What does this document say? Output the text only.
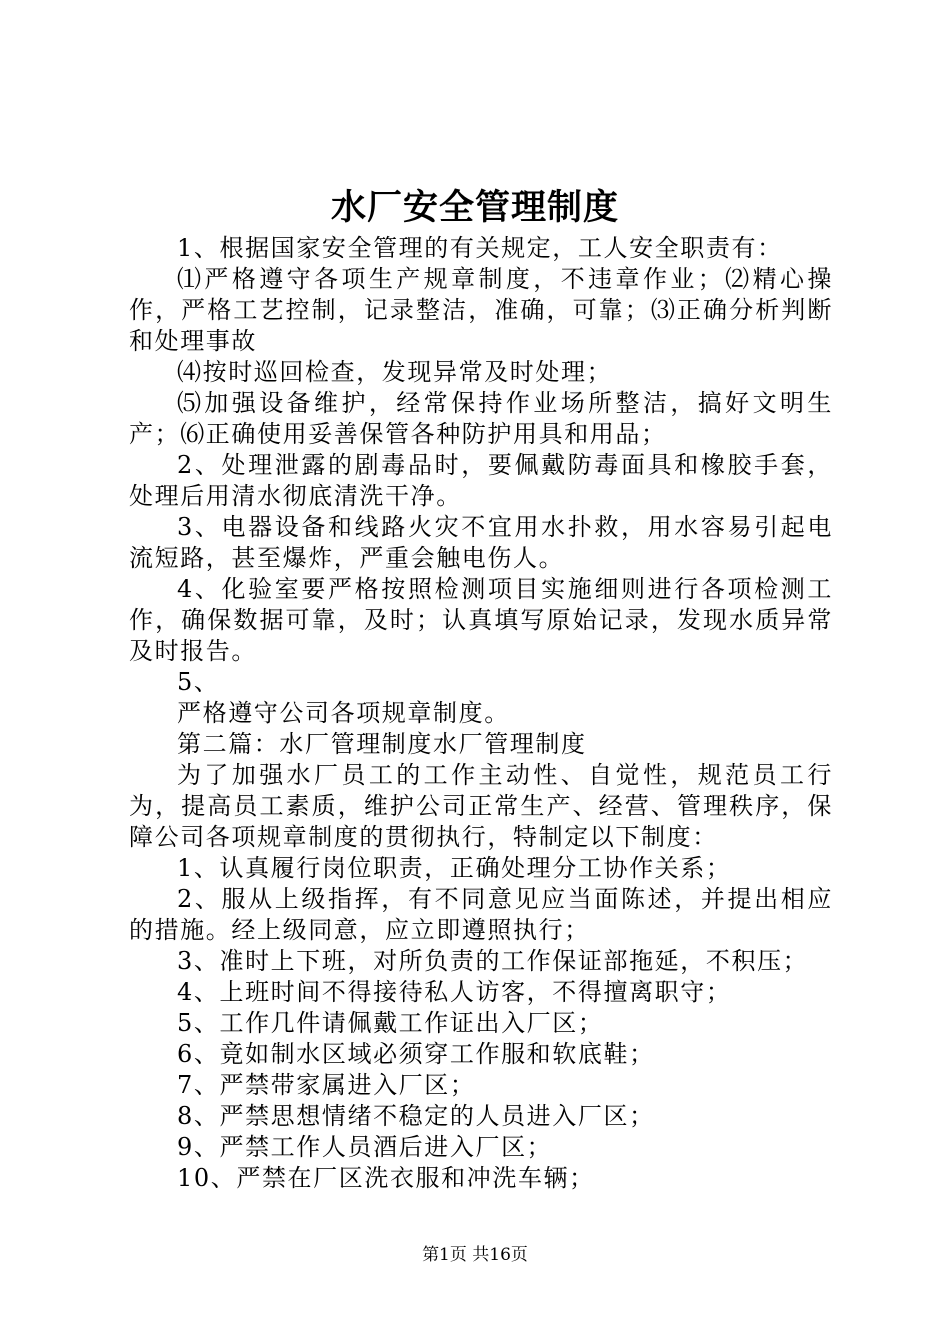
水厂安全管理制度

1、根据国家安全管理的有关规定，工人安全职责有：

⑴严格遵守各项生产规章制度，不违章作业；⑵精心操作，严格工艺控制，记录整洁，准确，可靠；⑶正确分析判断和处理事故

⑷按时巡回检查，发现异常及时处理；

⑸加强设备维护，经常保持作业场所整洁，搞好文明生产；⑹正确使用妥善保管各种防护用具和用品；

2、处理泄露的剧毒品时，要佩戴防毒面具和橡胶手套，处理后用清水彻底清洗干净。

3、电器设备和线路火灾不宜用水扑救，用水容易引起电流短路，甚至爆炸，严重会触电伤人。

4、化验室要严格按照检测项目实施细则进行各项检测工作，确保数据可靠，及时；认真填写原始记录，发现水质异常及时报告。

5、

严格遵守公司各项规章制度。

第二篇：水厂管理制度水厂管理制度

为了加强水厂员工的工作主动性、自觉性，规范员工行为，提高员工素质，维护公司正常生产、经营、管理秩序，保障公司各项规章制度的贯彻执行，特制定以下制度：

1、认真履行岗位职责，正确处理分工协作关系；

2、服从上级指挥，有不同意见应当面陈述，并提出相应的措施。经上级同意，应立即遵照执行；

3、准时上下班，对所负责的工作保证部拖延，不积压；

4、上班时间不得接待私人访客，不得擅离职守；

5、工作几件请佩戴工作证出入厂区；

6、竟如制水区域必须穿工作服和软底鞋；

7、严禁带家属进入厂区；

8、严禁思想情绪不稳定的人员进入厂区；

9、严禁工作人员酒后进入厂区；

10、严禁在厂区洗衣服和冲洗车辆；

第1页 共16页
